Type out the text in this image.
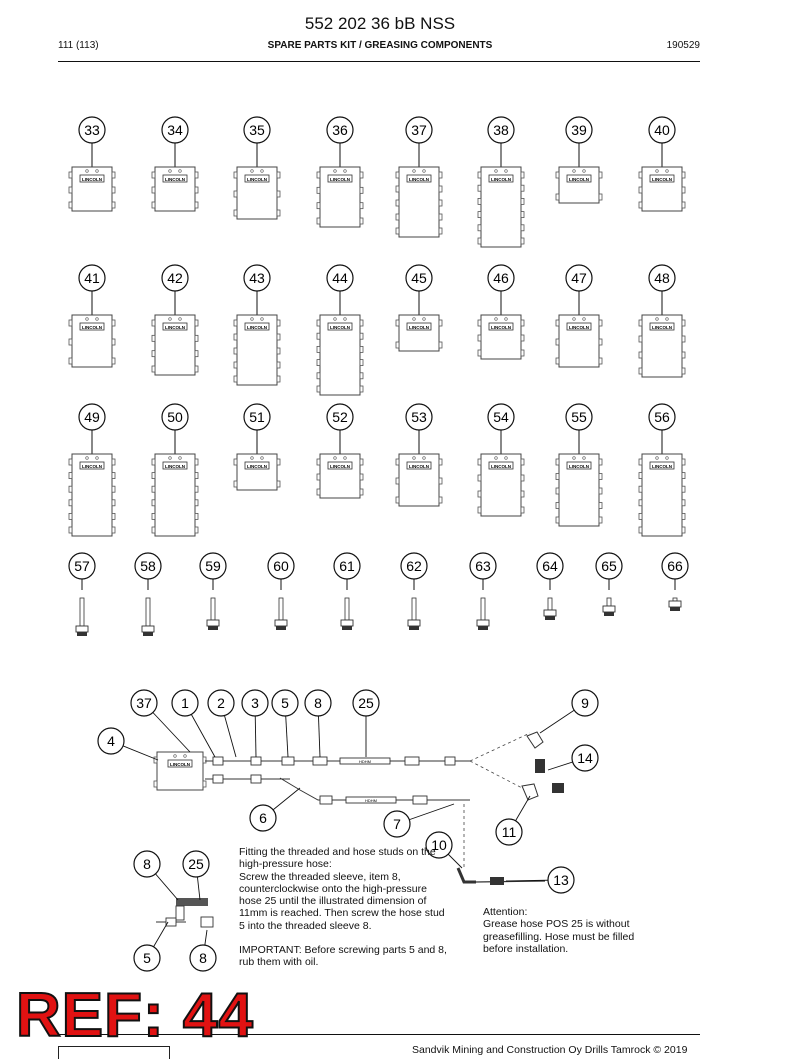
552 202 36 bB NSS
111 (113)	SPARE PARTS KIT / GREASING COMPONENTS	190529
33
LINCOLN
34
LINCOLN
35
LINCOLN
36
LINCOLN
37
LINCOLN
38
LINCOLN
39
LINCOLN
40
LINCOLN
41
LINCOLN
42
LINCOLN
43
LINCOLN
44
LINCOLN
45
LINCOLN
46
LINCOLN
47
LINCOLN
48
LINCOLN
49
LINCOLN
50
LINCOLN
51
LINCOLN
52
LINCOLN
53
LINCOLN
54
LINCOLN
55
LINCOLN
56
LINCOLN
57	58	59	60	61	62	63	64	65	66
LINCOLN
HDHM
HDHM
37 1 2 3 5 8	25	9
4
14
6	7	11
10
13
8	25
5	8

Fitting the threaded and hose studs on the high-pressure hose:
Screw the threaded sleeve, item 8, counterclockwise onto the high-pressure hose 25 until the illustrated dimension of 11mm is reached. Then screw the hose stud 5 into the threaded sleeve 8.

IMPORTANT: Before screwing parts 5 and 8, rub them with oil.

Attention:

Grease hose POS 25 is without greasefilling. Hose must be filled before installation.

Sandvik Mining and Construction Oy Drills Tamrock © 2019
REF: 44
